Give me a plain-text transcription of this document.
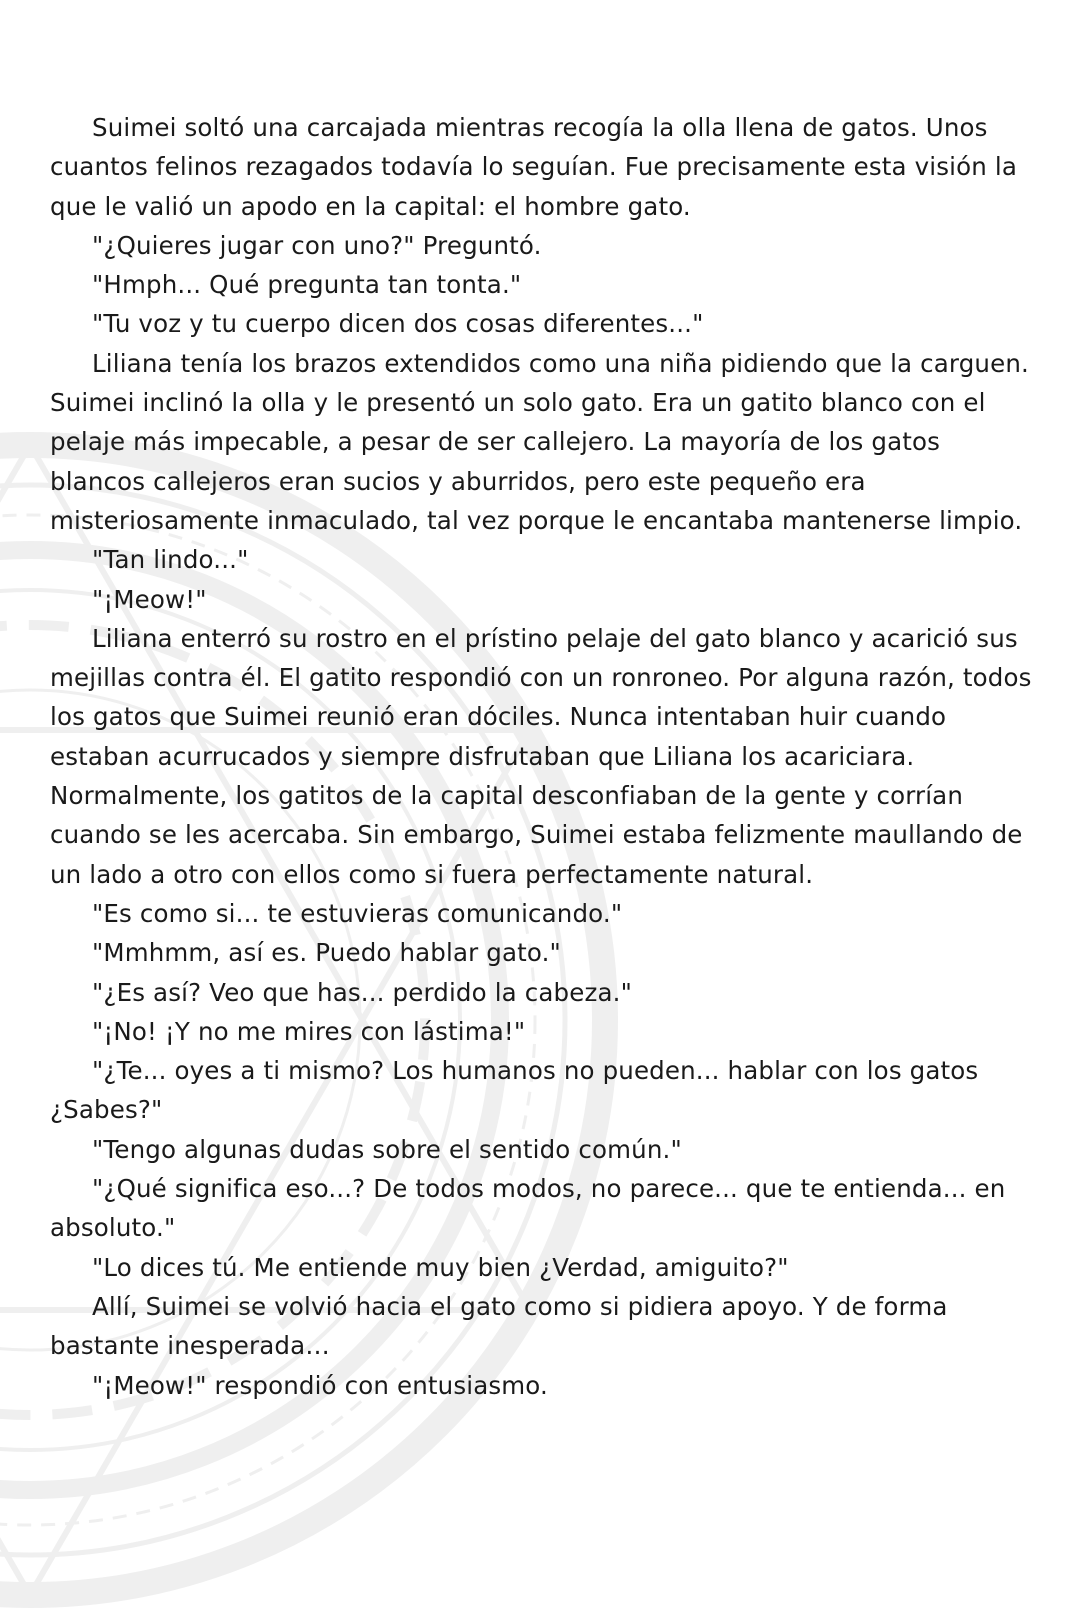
Suimei soltó una carcajada mientras recogía la olla llena de gatos. Unos cuantos felinos rezagados todavía lo seguían. Fue precisamente esta visión la que le valió un apodo en la capital: el hombre gato.

"¿Quieres jugar con uno?" Preguntó.

"Hmph... Qué pregunta tan tonta."

"Tu voz y tu cuerpo dicen dos cosas diferentes..."

Liliana tenía los brazos extendidos como una niña pidiendo que la carguen. Suimei inclinó la olla y le presentó un solo gato. Era un gatito blanco con el pelaje más impecable, a pesar de ser callejero. La mayoría de los gatos blancos callejeros eran sucios y aburridos, pero este pequeño era misteriosamente inmaculado, tal vez porque le encantaba mantenerse limpio.

"Tan lindo..."

"¡Meow!"

Liliana enterró su rostro en el prístino pelaje del gato blanco y acarició sus mejillas contra él. El gatito respondió con un ronroneo. Por alguna razón, todos los gatos que Suimei reunió eran dóciles. Nunca intentaban huir cuando estaban acurrucados y siempre disfrutaban que Liliana los acariciara. Normalmente, los gatitos de la capital desconfiaban de la gente y corrían cuando se les acercaba. Sin embargo, Suimei estaba felizmente maullando de un lado a otro con ellos como si fuera perfectamente natural.

"Es como si... te estuvieras comunicando."

"Mmhmm, así es. Puedo hablar gato."

"¿Es así? Veo que has... perdido la cabeza."

"¡No! ¡Y no me mires con lástima!"

"¿Te... oyes a ti mismo? Los humanos no pueden... hablar con los gatos ¿Sabes?"

"Tengo algunas dudas sobre el sentido común."

"¿Qué significa eso...? De todos modos, no parece... que te entienda... en absoluto."

"Lo dices tú. Me entiende muy bien ¿Verdad, amiguito?"

Allí, Suimei se volvió hacia el gato como si pidiera apoyo. Y de forma bastante inesperada…

"¡Meow!" respondió con entusiasmo.
